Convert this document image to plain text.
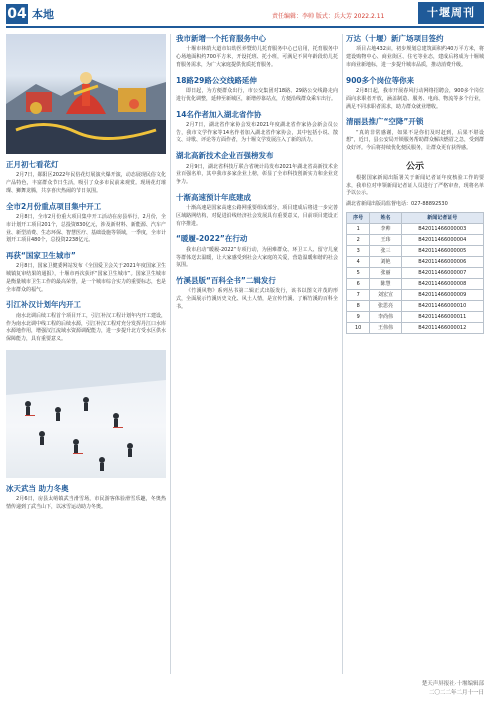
04 本地	责任编辑：李帅 版式：兵大芳 2022.2.11	十堰周刊
正月初七看花灯

2月7日，郧阳区2022年民俗花灯展演火爆开演，动态展现民俗文化产品特色，丰富群众节日生活，吸引了众多市民前来观赏。现场花灯璀璨、狮舞龙腾，共享喜庆热闹的节日氛围。

全市2月份重点项目集中开工

2月8日，全市2月份重大项目集中开工活动在房县举行，2月份，全市计划开工项目201个，总投资830亿元，涉及新材料、新能源、汽车产业、新型消费、生态环保、智慧医疗、基础设施等领域，一季度，全市计划开工项目480个，总投资2238亿元。

再获“国家卫生城市”

2月8日，国家卫健委网站发布《全国爱卫会关于2021年度国家卫生城镇复审结果的通报》，十堰市再次获评“国家卫生城市”。国家卫生城市是衡量城市卫生工作的最高荣誉，是一个城市综合实力的重要标志，也是全市群众的福气。

引江补汉计划年内开工

南水北调后续工程首个项目开工，引江补汉工程计划年内开工建设，作为南水北调中线工程的后续水源，引江补汉工程对充分发挥丹江口水库水源地作用，增强汉江流域水资源调配能力，进一步提升北方受水区供水保障能力，具有重要意义。

冰天武当 助力冬奥

2月6日，房县太峪镇武当滑雪场，市民游客体验滑雪乐趣，冬奥热情传递到了武当山下，以冰雪运动助力冬奥。

我市新增一个托育服务中心

十堰市林荫大道市妇幼医养暨幼儿托育服务中心已启用，托育服务中心场地面积约700平方米，开设托班、托小班，可满足不同年龄段幼儿托育服务需求，为广大家庭提供优质托育服务。

18路29路公交线路延伸

即日起，为方便群众出行，市公交集团对18路、29路公交线路走向进行优化调整，延伸至新城区，新增停靠站点，方便沿线群众乘车出行。

14名作者加入湖北省作协

2月7日，湖北省作家协会发布2021年度湖北省作家协会新会员公告，我市文学作家等14名作者加入湖北省作家协会，其中包括小说、散文、诗歌、评论等方面作者，为十堰文学发展注入了新的活力。

湖北高新技术企业百强榜发布

2月9日，湖北省科技厅联合省统计局发布2021年湖北省高新技术企业百强名单，其中我市多家企业上榜，彰显了全市科技创新实力和企业竞争力。

十渐高速预计年底建成

十渐高速是国家高速公路网重要组成部分，项目建成后将进一步完善区域路网结构，对促进沿线经济社会发展具有重要意义，目前项目建设正有序推进。

“暖履-2022”在行动

我市启动“暖履-2022”专项行动，为困难群众、环卫工人、留守儿童等群体送去温暖，让大家感受到社会大家庭的关爱，营造温暖和谐的社会氛围。

竹溪县版“百科全书”二辑发行

《竹溪风物》系列丛书第二辑正式出版发行，该书以图文并茂的形式，全面展示竹溪历史文化、风土人情，是宣传竹溪、了解竹溪的百科全书。

万达（十堰）新广场项目签约

项目占地432亩，初步规划总建筑面积约40万平方米，将建设购物中心、商业街区、住宅等业态，建成后将成为十堰城市商业新地标，进一步提升城市品质，推动消费升级。

900多个岗位等你来

2月8日起，我市开展春风行动网络招聘会，900多个岗位面向求职者开放，涵盖制造、服务、电商、物流等多个行业，满足不同求职者需求，助力群众就业增收。

清丽县推广“空降”开锁

“真的非常感谢，如果不是你们及时赶到，后果不堪设想”，近日，县公安局开锁服务帮助群众解决燃眉之急，受到群众好评。今后将持续优化便民服务，让群众更有获得感。

公示

根据国家新闻出版署关于新闻记者证年度核验工作的要求，我单位对申领新闻记者证人员进行了严格审查，现将名单予以公示。

湖北省新闻出版局监督电话：027-88892530

序号	姓名	新闻记者证号
1	李帅	B42011466000003
2	王玮	B42011466000004
3	张三	B42011466000005
4	刘艳	B42011466000006
5	张丽	B42011466000007
6	陈慧	B42011466000008
7	刘宏宣	B42011466000009
8	张思亮	B42011466000010
9	李尚伟	B42011466000011
10	王伟伟	B42011466000012
楚天声屏报社·十堰编辑部
二〇二二年二月十一日
